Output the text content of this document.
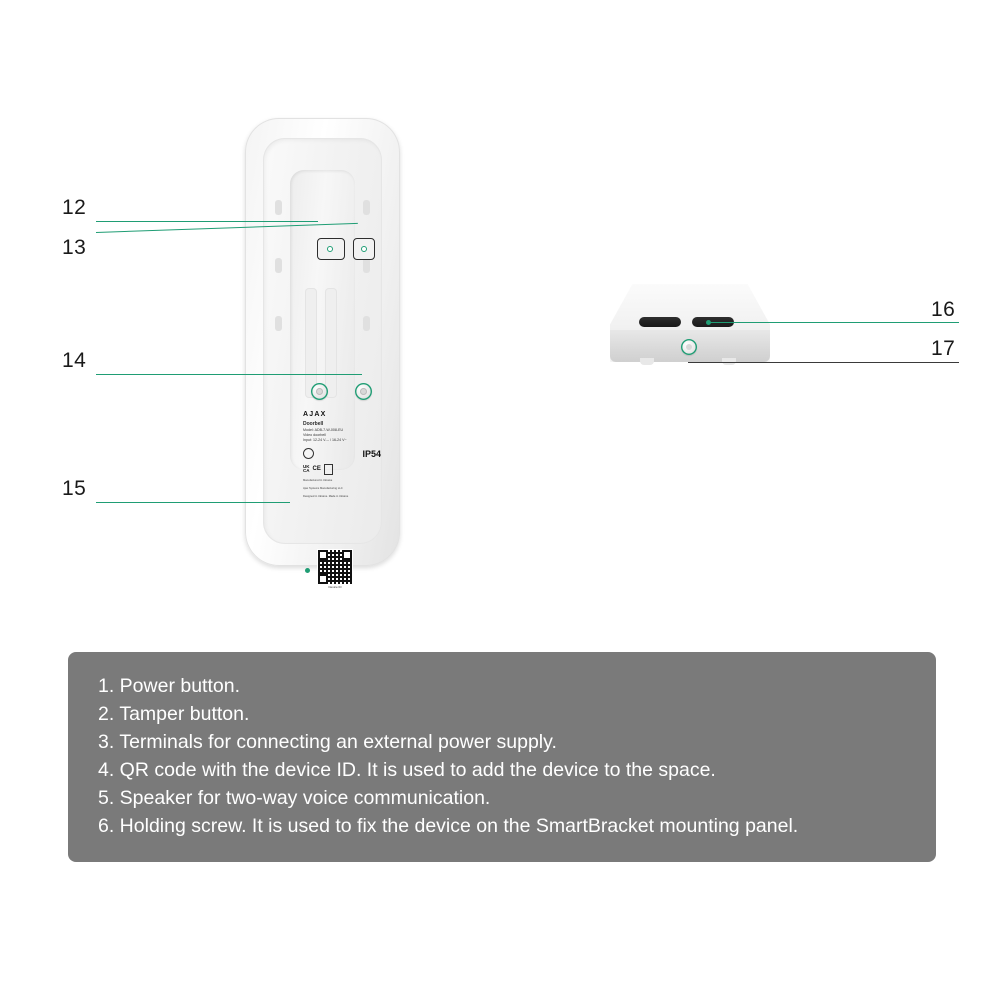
AJAX
Doorbell
Model: ADB-7-W-008-EU
Video doorbell
Input: 12-24 V--- / 16-24 V~
IP54
UK
CA CE
Manufactured in Ukraine
Ajax Systems Manufacturing LLC
Designed in Ukraine. Made in Ukraine
Device ID
12
13
14
15
16
17
1. Power button.
2. Tamper button.
3. Terminals for connecting an external power supply.
4. QR code with the device ID. It is used to add the device to the space.
5. Speaker for two-way voice communication.
6. Holding screw. It is used to fix the device on the SmartBracket mounting panel.
